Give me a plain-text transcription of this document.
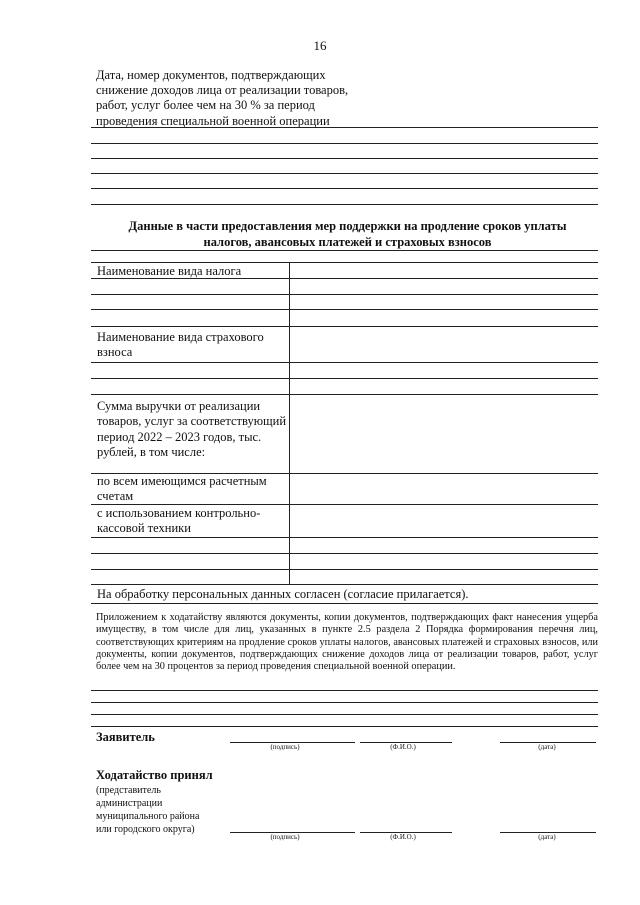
16
Дата, номер документов, подтверждающих
снижение доходов лица от реализации товаров,
работ, услуг более чем на 30 % за период
проведения специальной военной операции
Данные в части предоставления мер поддержки на продление сроков уплаты
налогов, авансовых платежей и страховых взносов
Наименование вида налога
Наименование вида страхового взноса
Сумма выручки от реализации товаров, услуг за соответствующий период 2022 – 2023 годов, тыс. рублей, в том числе:
по всем имеющимся расчетным счетам
с использованием контрольно-кассовой техники
На обработку персональных данных согласен (согласие прилагается).
Приложением к ходатайству являются документы, копии документов, подтверждающих факт нанесения ущерба имуществу, в том числе для лиц, указанных в пункте 2.5 раздела 2 Порядка формирования перечня лиц, соответствующих критериям на продление сроков уплаты налогов, авансовых платежей и страховых взносов, или документы, копии документов, подтверждающих снижение доходов лица от реализации товаров, работ, услуг более чем на 30 процентов за период проведения специальной военной операции.
Заявитель
(подпись)	(Ф.И.О.)	(дата)
Ходатайство принял
(представитель
администрации
муниципального района
или городского округа)
(подпись)	(Ф.И.О.)	(дата)
